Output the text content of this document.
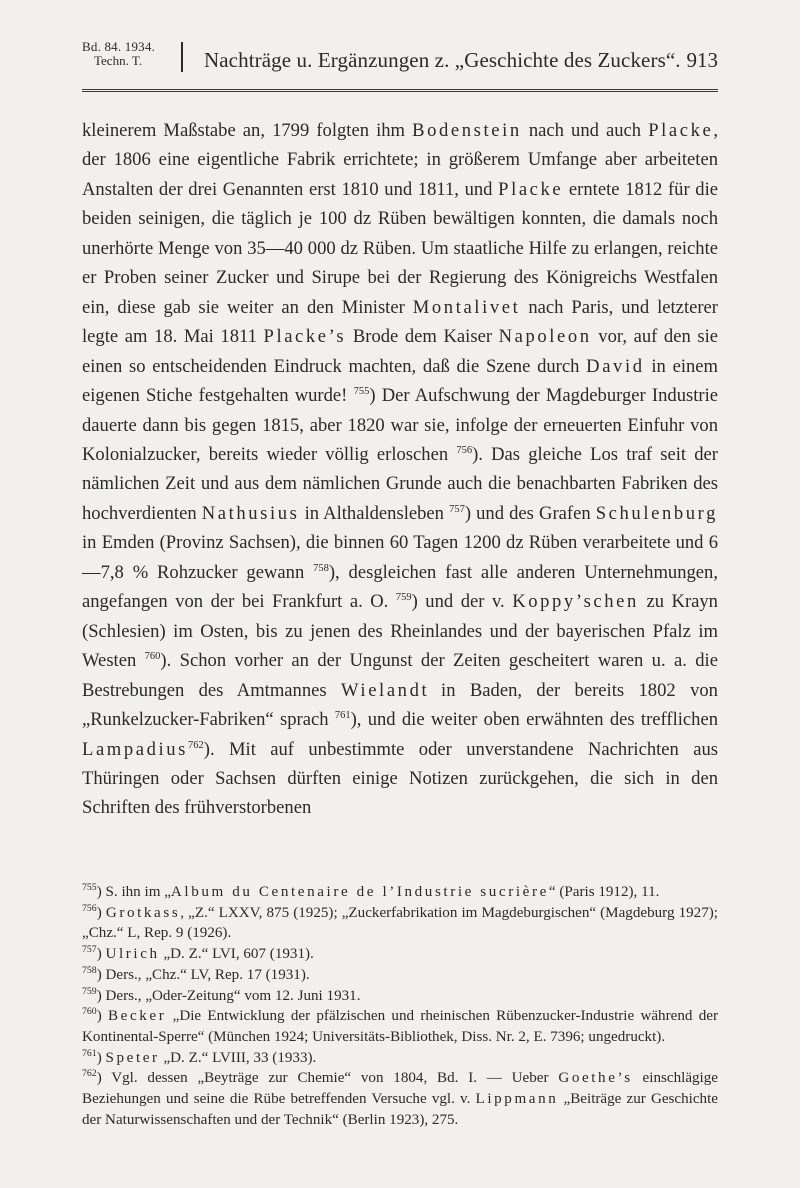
Bd. 84. 1934.
Techn. T.	Nachträge u. Ergänzungen z. „Geschichte des Zuckers“. 913

kleinerem Maßstabe an, 1799 folgten ihm Bodenstein nach und auch Placke, der 1806 eine eigentliche Fabrik errichtete; in größerem Umfange aber arbeiteten Anstalten der drei Genannten erst 1810 und 1811, und Placke erntete 1812 für die beiden seinigen, die täglich je 100 dz Rüben bewältigen konnten, die damals noch unerhörte Menge von 35—40 000 dz Rüben. Um staatliche Hilfe zu erlangen, reichte er Proben seiner Zucker und Sirupe bei der Regierung des Königreichs Westfalen ein, diese gab sie weiter an den Minister Montalivet nach Paris, und letzterer legte am 18. Mai 1811 Placke’s Brode dem Kaiser Napoleon vor, auf den sie einen so entscheidenden Eindruck machten, daß die Szene durch David in einem eigenen Stiche festgehalten wurde! $^{755}$) Der Aufschwung der Magdeburger Industrie dauerte dann bis gegen 1815, aber 1820 war sie, infolge der erneuerten Einfuhr von Kolonialzucker, bereits wieder völlig erloschen $^{756}$). Das gleiche Los traf seit der nämlichen Zeit und aus dem nämlichen Grunde auch die benachbarten Fabriken des hochverdienten Nathusius in Althaldensleben $^{757}$) und des Grafen Schulenburg in Emden (Provinz Sachsen), die binnen 60 Tagen 1200 dz Rüben verarbeitete und 6—7,8 % Rohzucker gewann $^{758}$), desgleichen fast alle anderen Unternehmungen, angefangen von der bei Frankfurt a. O. $^{759}$) und der v. Koppy’schen zu Krayn (Schlesien) im Osten, bis zu jenen des Rheinlandes und der bayerischen Pfalz im Westen $^{760}$). Schon vorher an der Ungunst der Zeiten gescheitert waren u. a. die Bestrebungen des Amtmannes Wielandt in Baden, der bereits 1802 von „Runkelzucker-Fabriken“ sprach $^{761}$), und die weiter oben erwähnten des trefflichen Lampadius$^{762}$). Mit auf unbestimmte oder unverstandene Nachrichten aus Thüringen oder Sachsen dürften einige Notizen zurückgehen, die sich in den Schriften des frühverstorbenen

$^{755}$) S. ihn im „Album du Centenaire de l’Industrie sucrière“ (Paris 1912), 11.

$^{756}$) Grotkass, „Z.“ LXXV, 875 (1925); „Zuckerfabrikation im Magdeburgischen“ (Magdeburg 1927); „Chz.“ L, Rep. 9 (1926).

$^{757}$) Ulrich „D. Z.“ LVI, 607 (1931).

$^{758}$) Ders., „Chz.“ LV, Rep. 17 (1931).

$^{759}$) Ders., „Oder-Zeitung“ vom 12. Juni 1931.

$^{760}$) Becker „Die Entwicklung der pfälzischen und rheinischen Rübenzucker-Industrie während der Kontinental-Sperre“ (München 1924; Universitäts-Bibliothek, Diss. Nr. 2, E. 7396; ungedruckt).

$^{761}$) Speter „D. Z.“ LVIII, 33 (1933).

$^{762}$) Vgl. dessen „Beyträge zur Chemie“ von 1804, Bd. I. — Ueber Goethe’s einschlägige Beziehungen und seine die Rübe betreffenden Versuche vgl. v. Lippmann „Beiträge zur Geschichte der Naturwissenschaften und der Technik“ (Berlin 1923), 275.
